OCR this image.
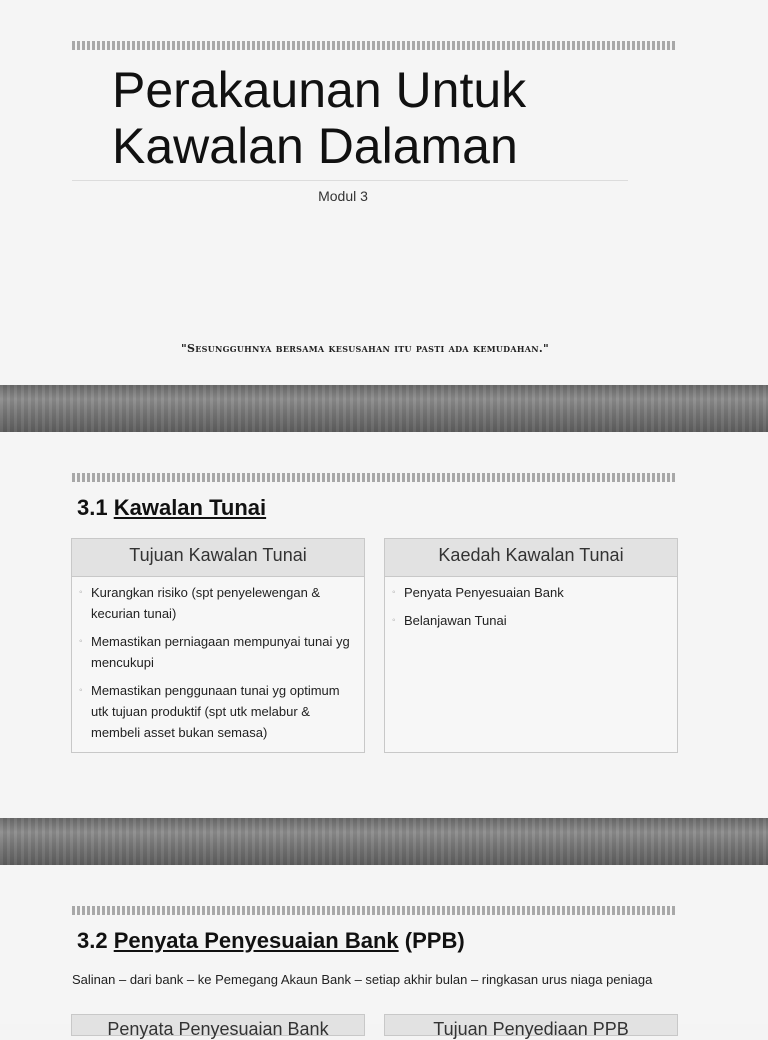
Perakaunan Untuk
Kawalan Dalaman
Modul 3
"Sesungguhnya bersama kesusahan itu pasti ada kemudahan."
3.1 Kawalan Tunai
Tujuan Kawalan Tunai
◦ Kurangkan risiko (spt penyelewengan & kecurian tunai)
◦ Memastikan perniagaan mempunyai tunai yg mencukupi
◦ Memastikan penggunaan tunai yg optimum utk tujuan produktif (spt utk melabur & membeli asset bukan semasa)
Kaedah Kawalan Tunai
◦ Penyata Penyesuaian Bank
◦ Belanjawan Tunai
3.2 Penyata Penyesuaian Bank (PPB)
Salinan – dari bank – ke Pemegang Akaun Bank – setiap akhir bulan – ringkasan urus niaga peniaga
Penyata Penyesuaian Bank	Tujuan Penyediaan PPB
